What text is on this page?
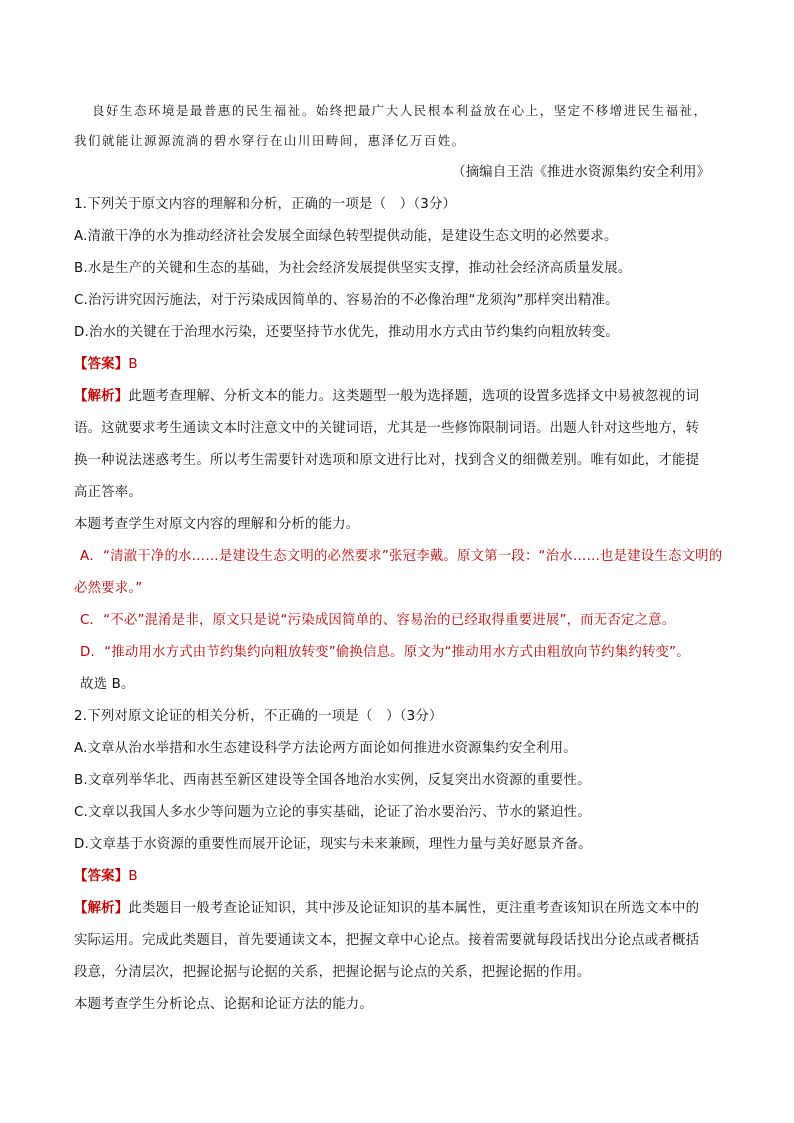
良好生态环境是最普惠的民生福祉。始终把最广大人民根本利益放在心上，坚定不移增进民生福祉，
我们就能让源源流淌的碧水穿行在山川田畴间，惠泽亿万百姓。
（摘编自王浩《推进水资源集约安全利用》
1.下列关于原文内容的理解和分析，正确的一项是（　）（3分）
A.清澈干净的水为推动经济社会发展全面绿色转型提供动能，是建设生态文明的必然要求。
B.水是生产的关键和生态的基础，为社会经济发展提供坚实支撑，推动社会经济高质量发展。
C.治污讲究因污施法，对于污染成因简单的、容易治的不必像治理“龙须沟”那样突出精准。
D.治水的关键在于治理水污染，还要坚持节水优先，推动用水方式由节约集约向粗放转变。
【答案】B
【解析】此题考查理解、分析文本的能力。这类题型一般为选择题，选项的设置多选择文中易被忽视的词
语。这就要求考生通读文本时注意文中的关键词语，尤其是一些修饰限制词语。出题人针对这些地方，转
换一种说法迷惑考生。所以考生需要针对选项和原文进行比对，找到含义的细微差别。唯有如此，才能提
高正答率。
本题考查学生对原文内容的理解和分析的能力。
A．“清澈干净的水……是建设生态文明的必然要求”张冠李戴。原文第一段：“治水……也是建设生态文明的
必然要求。”
C．“不必”混淆是非，原文只是说“污染成因简单的、容易治的已经取得重要进展”，而无否定之意。
D．“推动用水方式由节约集约向粗放转变”偷换信息。原文为“推动用水方式由粗放向节约集约转变”。
故选 B。
2.下列对原文论证的相关分析，不正确的一项是（　）（3分）
A.文章从治水举措和水生态建设科学方法论两方面论如何推进水资源集约安全利用。
B.文章列举华北、西南甚至新区建设等全国各地治水实例，反复突出水资源的重要性。
C.文章以我国人多水少等问题为立论的事实基础，论证了治水要治污、节水的紧迫性。
D.文章基于水资源的重要性而展开论证，现实与未来兼顾，理性力量与美好愿景齐备。
【答案】B
【解析】此类题目一般考查论证知识，其中涉及论证知识的基本属性，更注重考查该知识在所选文本中的
实际运用。完成此类题目，首先要通读文本，把握文章中心论点。接着需要就每段话找出分论点或者概括
段意，分清层次，把握论据与论据的关系，把握论据与论点的关系，把握论据的作用。
本题考查学生分析论点、论据和论证方法的能力。
